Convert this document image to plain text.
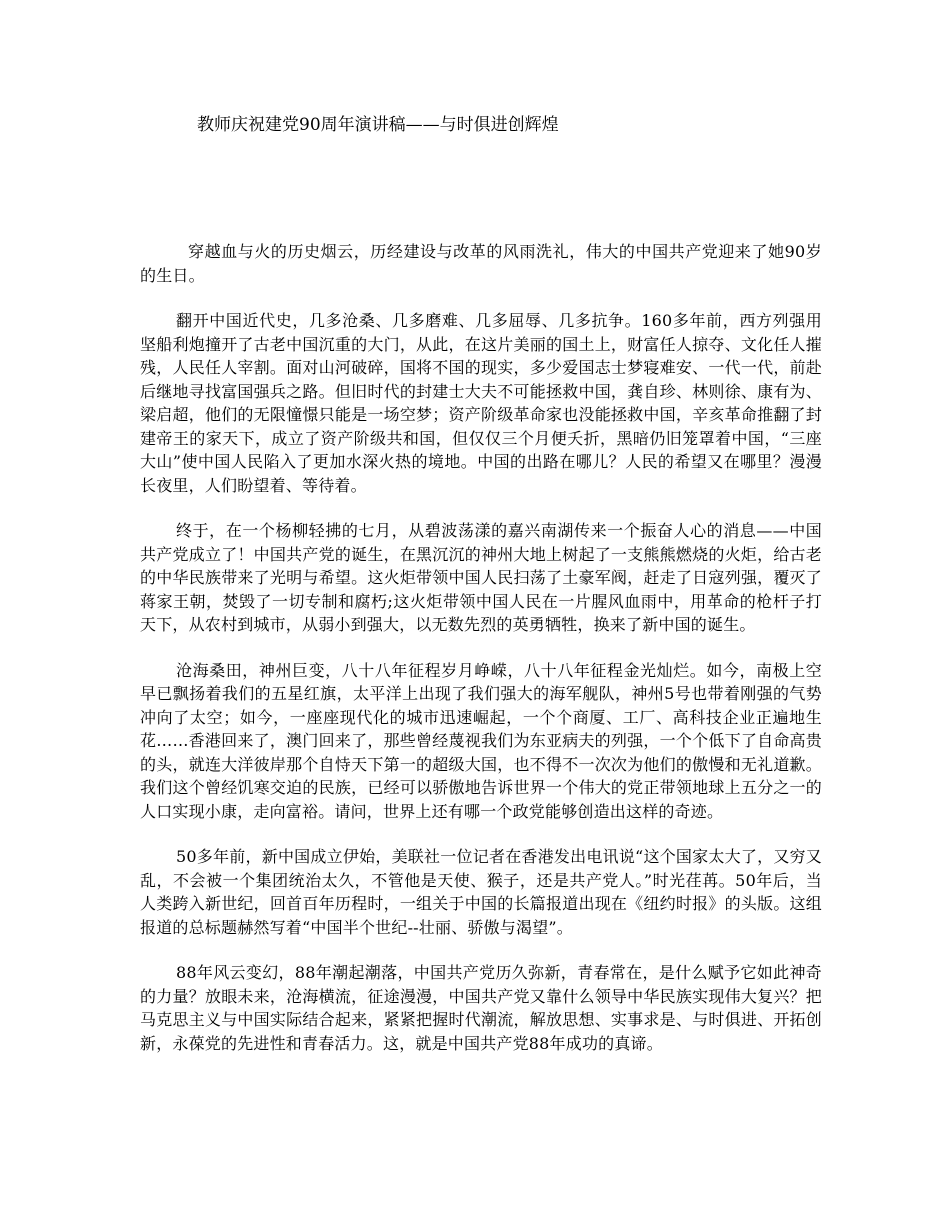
教师庆祝建党90周年演讲稿——与时俱进创辉煌

穿越血与火的历史烟云，历经建设与改革的风雨洗礼，伟大的中国共产党迎来了她90岁的生日。

翻开中国近代史，几多沧桑、几多磨难、几多屈辱、几多抗争。160多年前，西方列强用坚船利炮撞开了古老中国沉重的大门，从此，在这片美丽的国土上，财富任人掠夺、文化任人摧残，人民任人宰割。面对山河破碎，国将不国的现实，多少爱国志士梦寝难安、一代一代，前赴后继地寻找富国强兵之路。但旧时代的封建士大夫不可能拯救中国，龚自珍、林则徐、康有为、梁启超，他们的无限憧憬只能是一场空梦；资产阶级革命家也没能拯救中国，辛亥革命推翻了封建帝王的家天下，成立了资产阶级共和国，但仅仅三个月便夭折，黑暗仍旧笼罩着中国，“三座大山”使中国人民陷入了更加水深火热的境地。中国的出路在哪儿？人民的希望又在哪里？漫漫长夜里，人们盼望着、等待着。

终于，在一个杨柳轻拂的七月，从碧波荡漾的嘉兴南湖传来一个振奋人心的消息——中国共产党成立了！中国共产党的诞生，在黑沉沉的神州大地上树起了一支熊熊燃烧的火炬，给古老的中华民族带来了光明与希望。这火炬带领中国人民扫荡了土豪军阀，赶走了日寇列强，覆灭了蒋家王朝，焚毁了一切专制和腐朽;这火炬带领中国人民在一片腥风血雨中，用革命的枪杆子打天下，从农村到城市，从弱小到强大，以无数先烈的英勇牺牲，换来了新中国的诞生。

沧海桑田，神州巨变，八十八年征程岁月峥嵘，八十八年征程金光灿烂。如今，南极上空早已飘扬着我们的五星红旗，太平洋上出现了我们强大的海军舰队，神州5号也带着刚强的气势冲向了太空；如今，一座座现代化的城市迅速崛起，一个个商厦、工厂、高科技企业正遍地生花……香港回来了，澳门回来了，那些曾经蔑视我们为东亚病夫的列强，一个个低下了自命高贵的头，就连大洋彼岸那个自恃天下第一的超级大国，也不得不一次次为他们的傲慢和无礼道歉。我们这个曾经饥寒交迫的民族，已经可以骄傲地告诉世界一个伟大的党正带领地球上五分之一的人口实现小康，走向富裕。请问，世界上还有哪一个政党能够创造出这样的奇迹。

50多年前，新中国成立伊始，美联社一位记者在香港发出电讯说“这个国家太大了，又穷又乱，不会被一个集团统治太久，不管他是天使、猴子，还是共产党人。”时光荏苒。50年后，当人类跨入新世纪，回首百年历程时，一组关于中国的长篇报道出现在《纽约时报》的头版。这组报道的总标题赫然写着“中国半个世纪--壮丽、骄傲与渴望”。

88年风云变幻，88年潮起潮落，中国共产党历久弥新，青春常在，是什么赋予它如此神奇的力量？放眼未来，沧海横流，征途漫漫，中国共产党又靠什么领导中华民族实现伟大复兴？把马克思主义与中国实际结合起来，紧紧把握时代潮流，解放思想、实事求是、与时俱进、开拓创新，永葆党的先进性和青春活力。这，就是中国共产党88年成功的真谛。
